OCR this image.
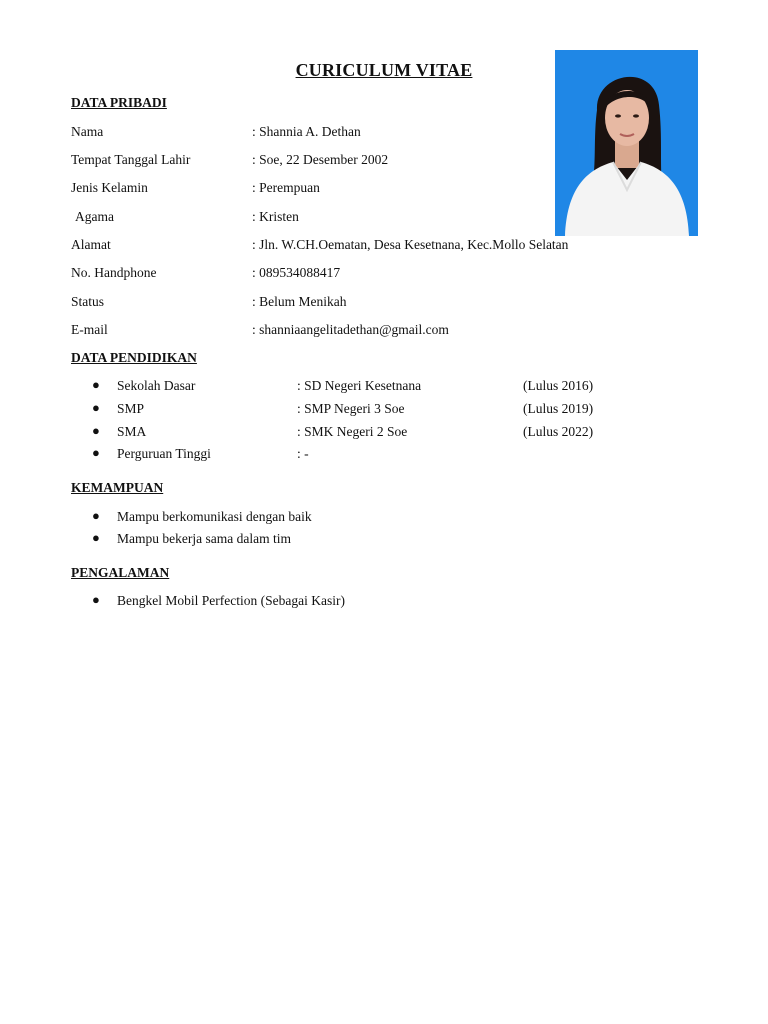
CURICULUM VITAE
DATA PRIBADI
Nama	: Shannia A. Dethan
Tempat Tanggal Lahir	: Soe, 22 Desember 2002
Jenis Kelamin	: Perempuan
Agama	: Kristen
Alamat	: Jln. W.CH.Oematan, Desa Kesetnana, Kec.Mollo Selatan
No. Handphone	: 089534088417
Status	: Belum Menikah
E-mail	: shanniaangelitadethan@gmail.com
DATA PENDIDIKAN
● Sekolah Dasar	: SD Negeri Kesetnana	(Lulus 2016)
● SMP	: SMP Negeri 3 Soe	(Lulus 2019)
● SMA	: SMK Negeri 2 Soe	(Lulus 2022)
● Perguruan Tinggi	: -
KEMAMPUAN
● Mampu berkomunikasi dengan baik
● Mampu bekerja sama dalam tim
PENGALAMAN
● Bengkel Mobil Perfection (Sebagai Kasir)
